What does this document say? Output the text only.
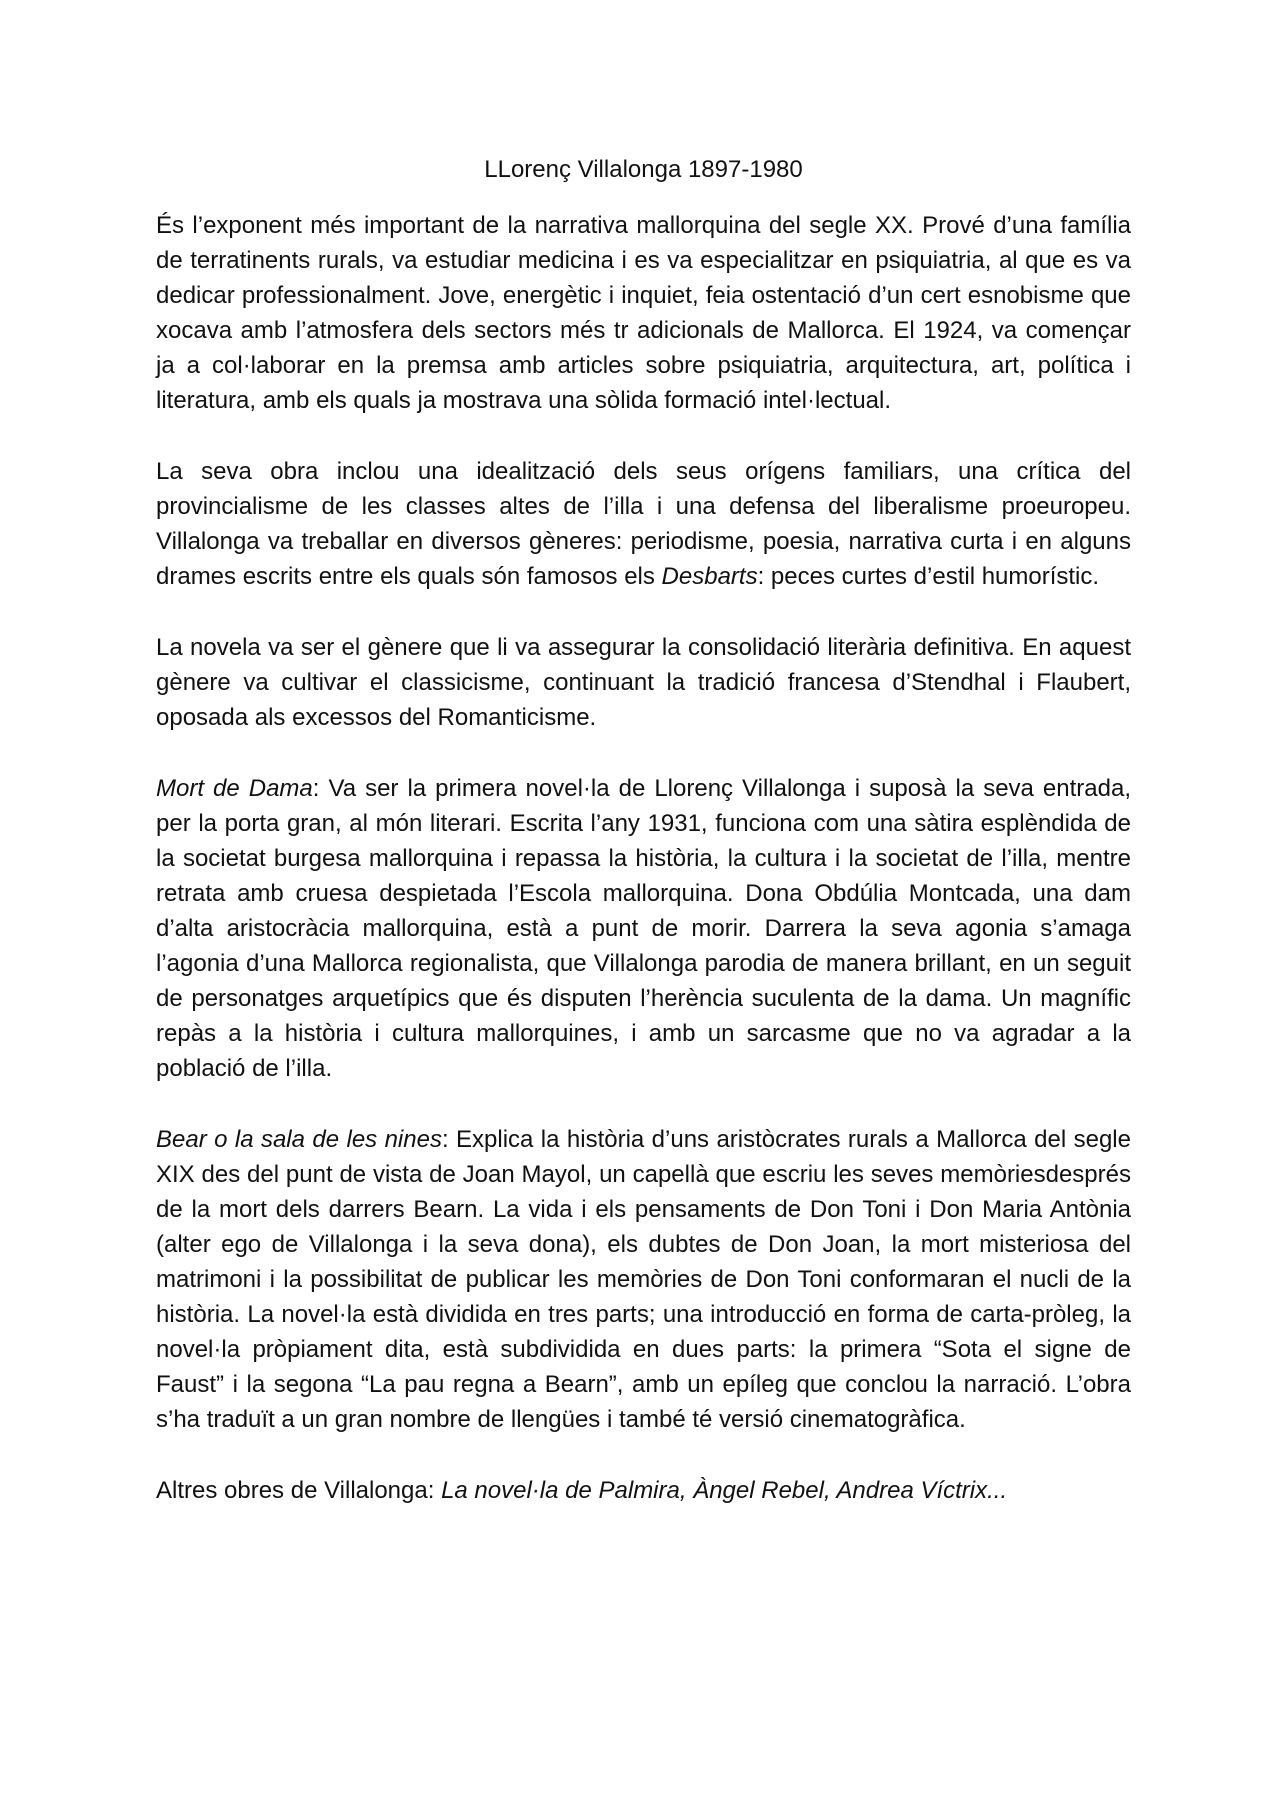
LLorenç Villalonga 1897-1980

És l’exponent més important de la narrativa mallorquina del segle XX. Prové d’una família de terratinents rurals, va estudiar medicina i es va especialitzar en psiquiatria, al que es va dedicar professionalment. Jove, energètic i inquiet, feia ostentació d’un cert esnobisme que xocava amb l’atmosfera dels sectors més tr adicionals de Mallorca. El 1924, va començar ja a col·laborar en la premsa amb articles sobre psiquiatria, arquitectura, art, política i literatura, amb els quals ja mostrava una sòlida formació intel·lectual.

La seva obra inclou una idealització dels seus orígens familiars, una crítica del provincialisme de les classes altes de l’illa i una defensa del liberalisme proeuropeu. Villalonga va treballar en diversos gèneres: periodisme, poesia, narrativa curta i en alguns drames escrits entre els quals són famosos els Desbarts: peces curtes d’estil humorístic.

La novela va ser el gènere que li va assegurar la consolidació literària definitiva. En aquest gènere va cultivar el classicisme, continuant la tradició francesa d’Stendhal i Flaubert, oposada als excessos del Romanticisme.

Mort de Dama: Va ser la primera novel·la de Llorenç Villalonga i suposà la seva entrada, per la porta gran, al món literari. Escrita l’any 1931, funciona com una sàtira esplèndida de la societat burgesa mallorquina i repassa la història, la cultura i la societat de l’illa, mentre retrata amb cruesa despietada l’Escola mallorquina. Dona Obdúlia Montcada, una dam d’alta aristocràcia mallorquina, està a punt de morir. Darrera la seva agonia s’amaga l’agonia d’una Mallorca regionalista, que Villalonga parodia de manera brillant, en un seguit de personatges arquetípics que és disputen l’herència suculenta de la dama. Un magnífic repàs a la història i cultura mallorquines, i amb un sarcasme que no va agradar a la població de l’illa.

Bear o la sala de les nines: Explica la història d’uns aristòcrates rurals a Mallorca del segle XIX des del punt de vista de Joan Mayol, un capellà que escriu les seves memòriesdesprés de la mort dels darrers Bearn. La vida i els pensaments de Don Toni i Don Maria Antònia (alter ego de Villalonga i la seva dona), els dubtes de Don Joan, la mort misteriosa del matrimoni i la possibilitat de publicar les memòries de Don Toni conformaran el nucli de la història. La novel·la està dividida en tres parts; una introducció en forma de carta-pròleg, la novel·la pròpiament dita, està subdividida en dues parts: la primera “Sota el signe de Faust” i la segona “La pau regna a Bearn”, amb un epíleg que conclou la narració. L’obra s’ha traduït a un gran nombre de llengües i també té versió cinematogràfica.

Altres obres de Villalonga: La novel·la de Palmira, Àngel Rebel, Andrea Víctrix...
